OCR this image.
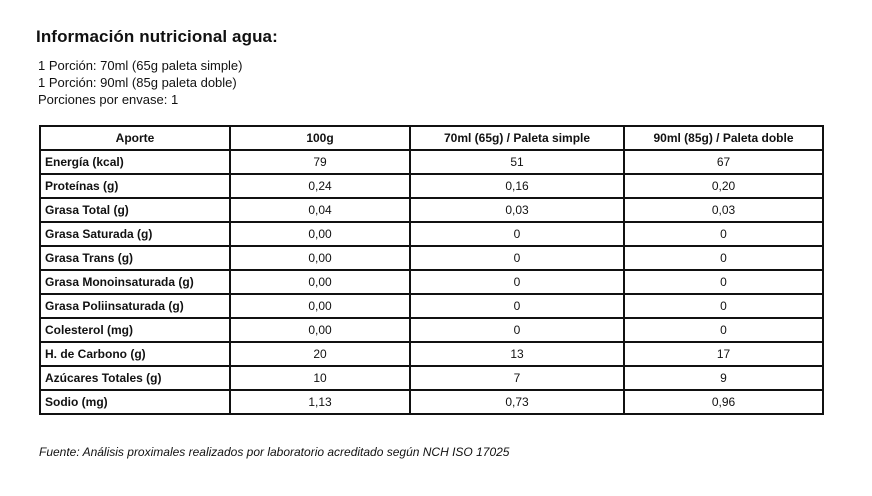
Información nutricional agua:
1 Porción: 70ml (65g paleta simple)
1 Porción: 90ml (85g paleta doble)
Porciones por envase: 1
Aporte	100g	70ml (65g) / Paleta simple	90ml (85g) / Paleta doble
Energía (kcal)	79	51	67
Proteínas (g)	0,24	0,16	0,20
Grasa Total (g)	0,04	0,03	0,03
Grasa Saturada (g)	0,00	0	0
Grasa Trans (g)	0,00	0	0
Grasa Monoinsaturada (g)	0,00	0	0
Grasa Poliinsaturada (g)	0,00	0	0
Colesterol (mg)	0,00	0	0
H. de Carbono (g)	20	13	17
Azúcares Totales (g)	10	7	9
Sodio (mg)	1,13	0,73	0,96
Fuente: Análisis proximales realizados por laboratorio acreditado según NCH ISO 17025
